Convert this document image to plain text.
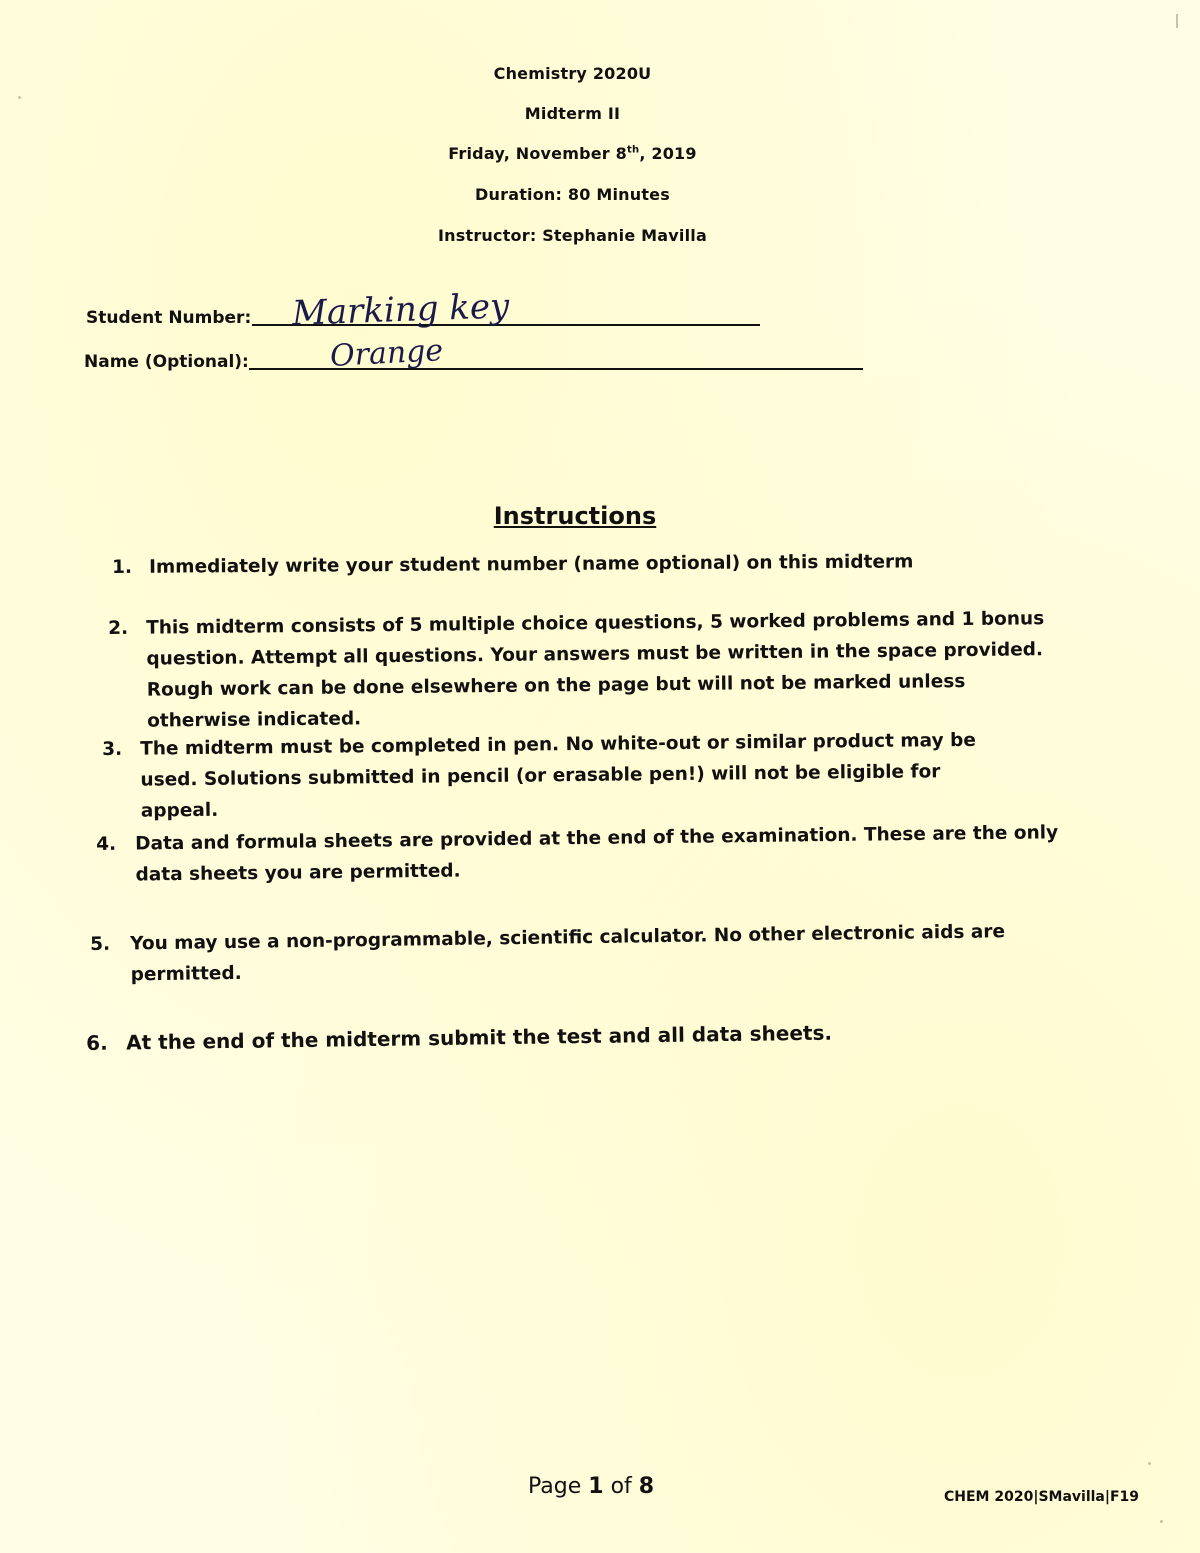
Chemistry 2020U
Midterm II
Friday, November 8th, 2019
Duration: 80 Minutes
Instructor: Stephanie Mavilla
Student Number: Marking key
Name (Optional):	Orange
Instructions
1. Immediately write your student number (name optional) on this midterm
2. This midterm consists of 5 multiple choice questions, 5 worked problems and 1 bonus question. Attempt all questions. Your answers must be written in the space provided. Rough work can be done elsewhere on the page but will not be marked unless otherwise indicated.
3. The midterm must be completed in pen. No white-out or similar product may be used. Solutions submitted in pencil (or erasable pen!) will not be eligible for appeal.
4. Data and formula sheets are provided at the end of the examination. These are the only data sheets you are permitted.
5. You may use a non-programmable, scientific calculator. No other electronic aids are permitted.
6. At the end of the midterm submit the test and all data sheets.
Page 1 of 8	CHEM 2020|SMavilla|F19
